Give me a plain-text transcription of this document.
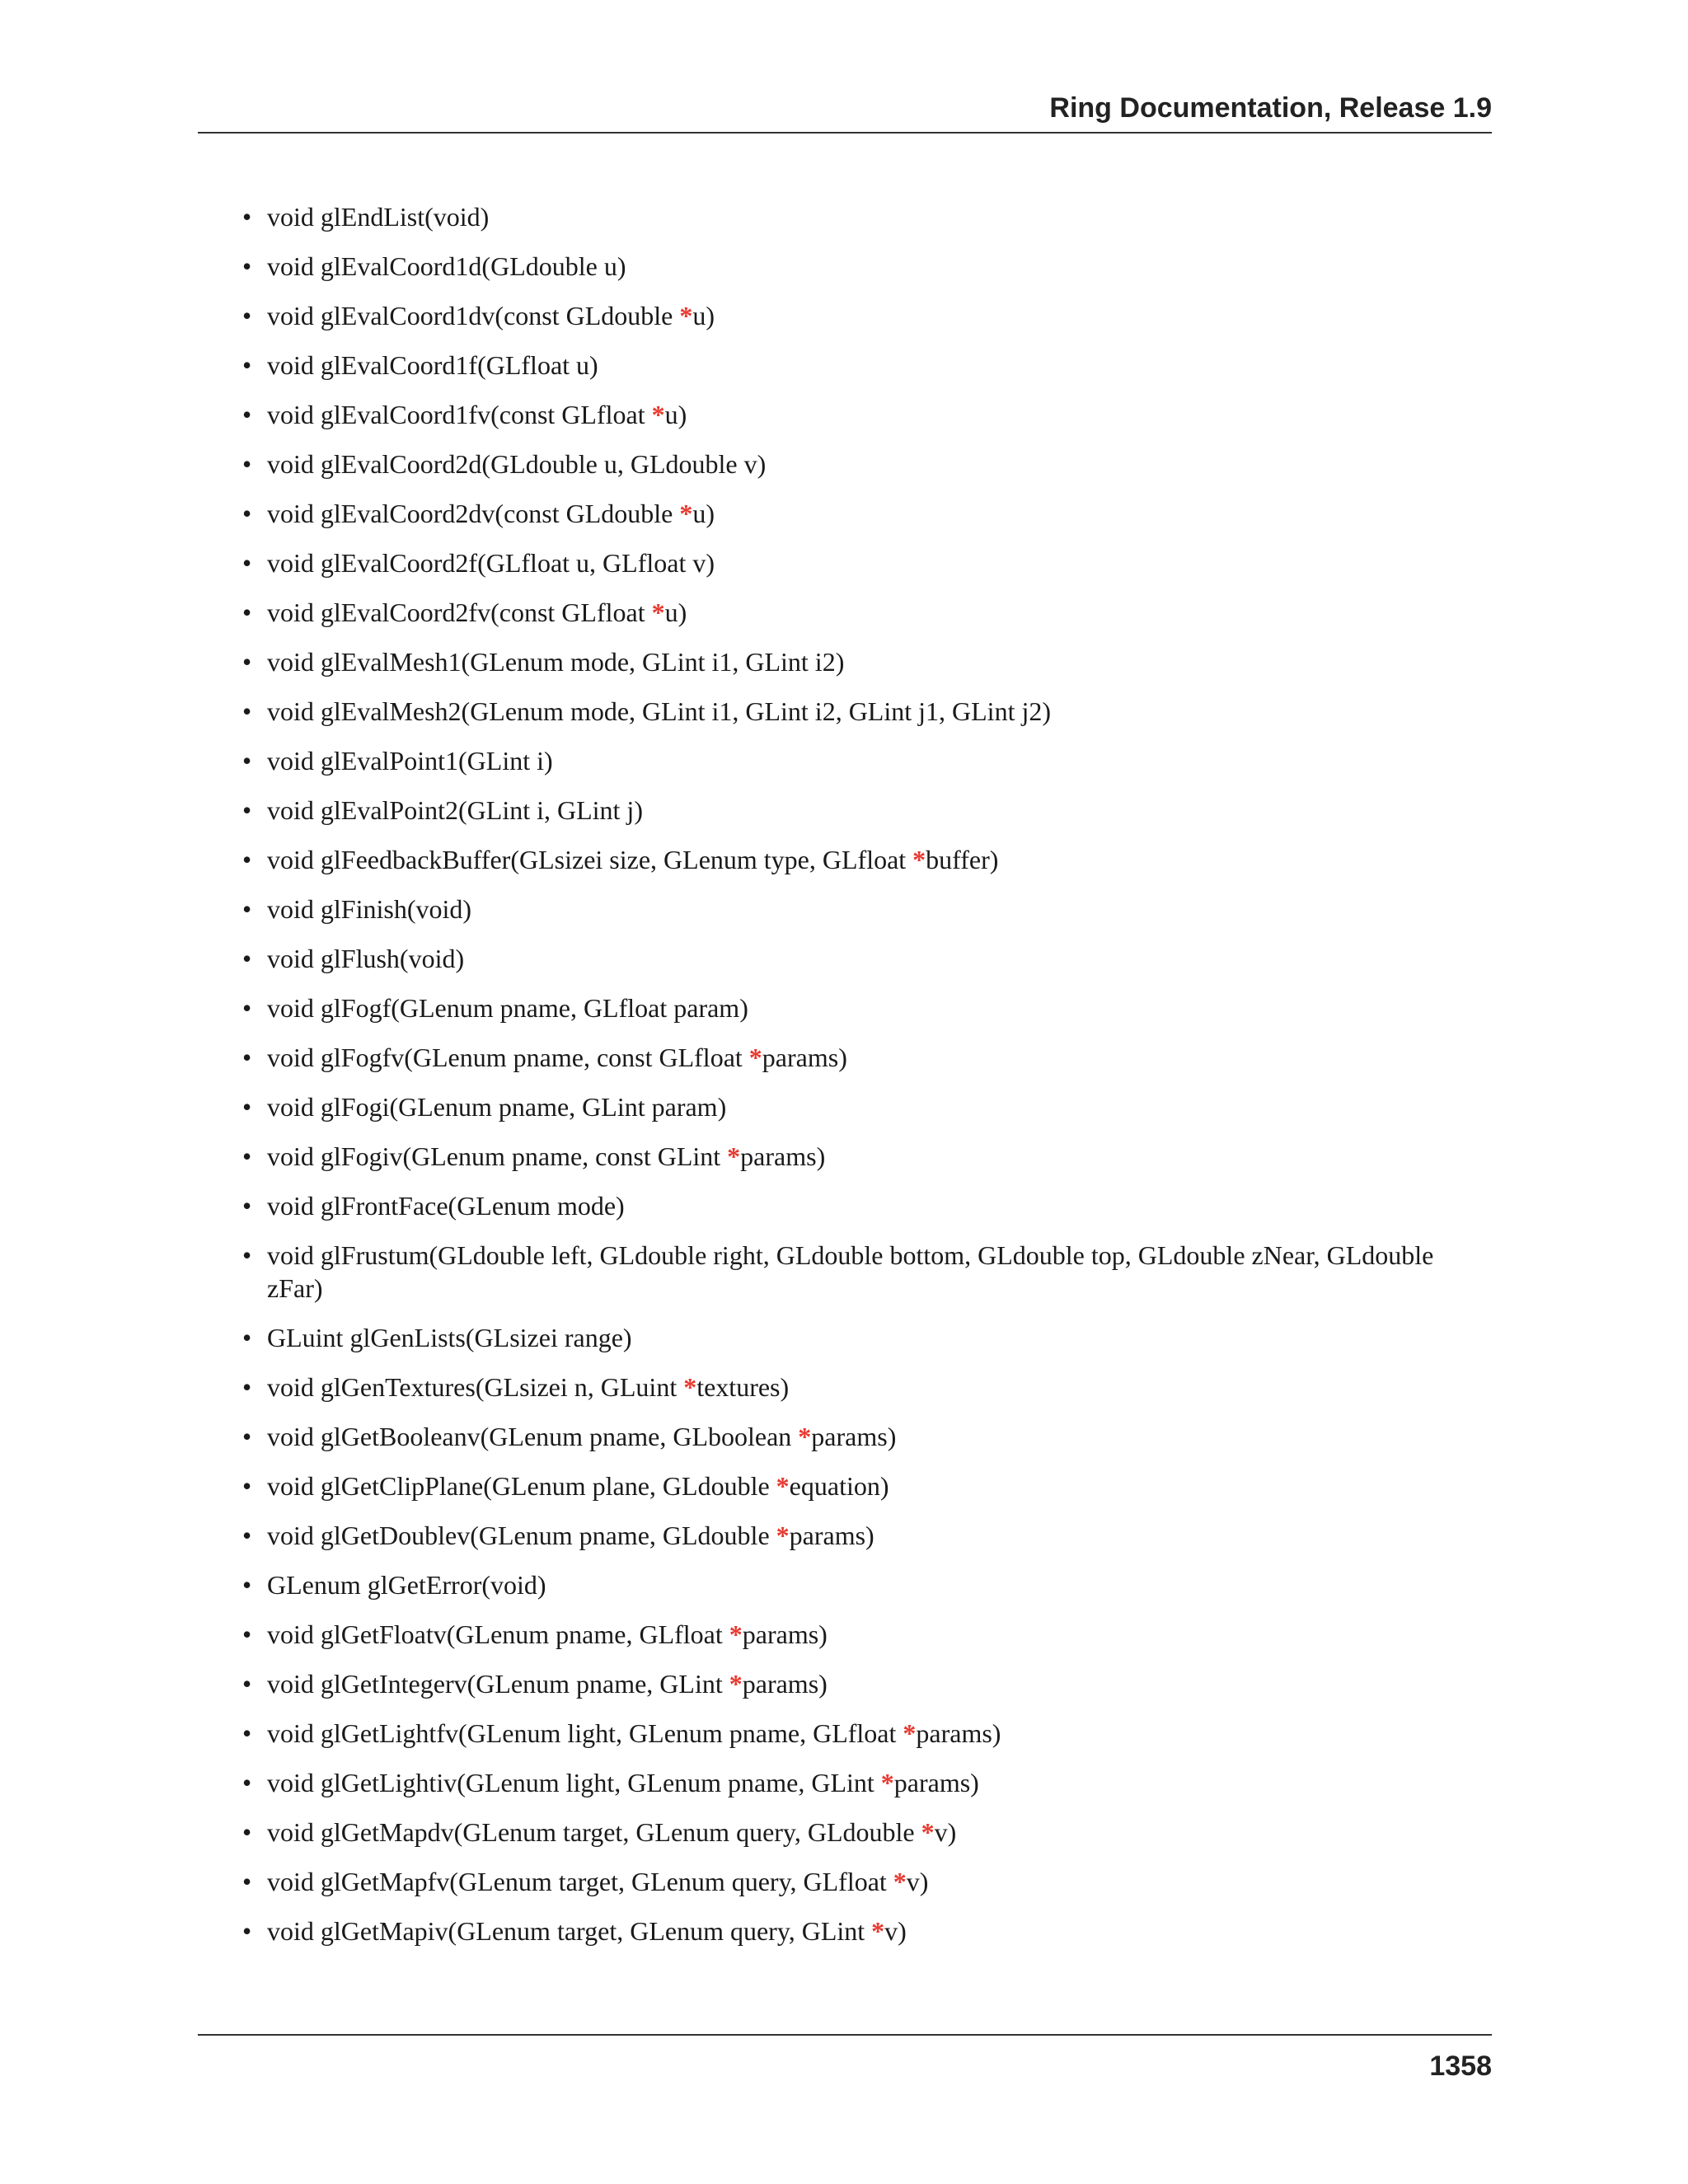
Ring Documentation, Release 1.9
• void glEndList(void)
• void glEvalCoord1d(GLdouble u)
• void glEvalCoord1dv(const GLdouble *u)
• void glEvalCoord1f(GLfloat u)
• void glEvalCoord1fv(const GLfloat *u)
• void glEvalCoord2d(GLdouble u, GLdouble v)
• void glEvalCoord2dv(const GLdouble *u)
• void glEvalCoord2f(GLfloat u, GLfloat v)
• void glEvalCoord2fv(const GLfloat *u)
• void glEvalMesh1(GLenum mode, GLint i1, GLint i2)
• void glEvalMesh2(GLenum mode, GLint i1, GLint i2, GLint j1, GLint j2)
• void glEvalPoint1(GLint i)
• void glEvalPoint2(GLint i, GLint j)
• void glFeedbackBuffer(GLsizei size, GLenum type, GLfloat *buffer)
• void glFinish(void)
• void glFlush(void)
• void glFogf(GLenum pname, GLfloat param)
• void glFogfv(GLenum pname, const GLfloat *params)
• void glFogi(GLenum pname, GLint param)
• void glFogiv(GLenum pname, const GLint *params)
• void glFrontFace(GLenum mode)
• void glFrustum(GLdouble left, GLdouble right, GLdouble bottom, GLdouble top, GLdouble zNear, GLdouble zFar)
• GLuint glGenLists(GLsizei range)
• void glGenTextures(GLsizei n, GLuint *textures)
• void glGetBooleanv(GLenum pname, GLboolean *params)
• void glGetClipPlane(GLenum plane, GLdouble *equation)
• void glGetDoublev(GLenum pname, GLdouble *params)
• GLenum glGetError(void)
• void glGetFloatv(GLenum pname, GLfloat *params)
• void glGetIntegerv(GLenum pname, GLint *params)
• void glGetLightfv(GLenum light, GLenum pname, GLfloat *params)
• void glGetLightiv(GLenum light, GLenum pname, GLint *params)
• void glGetMapdv(GLenum target, GLenum query, GLdouble *v)
• void glGetMapfv(GLenum target, GLenum query, GLfloat *v)
• void glGetMapiv(GLenum target, GLenum query, GLint *v)
1358
